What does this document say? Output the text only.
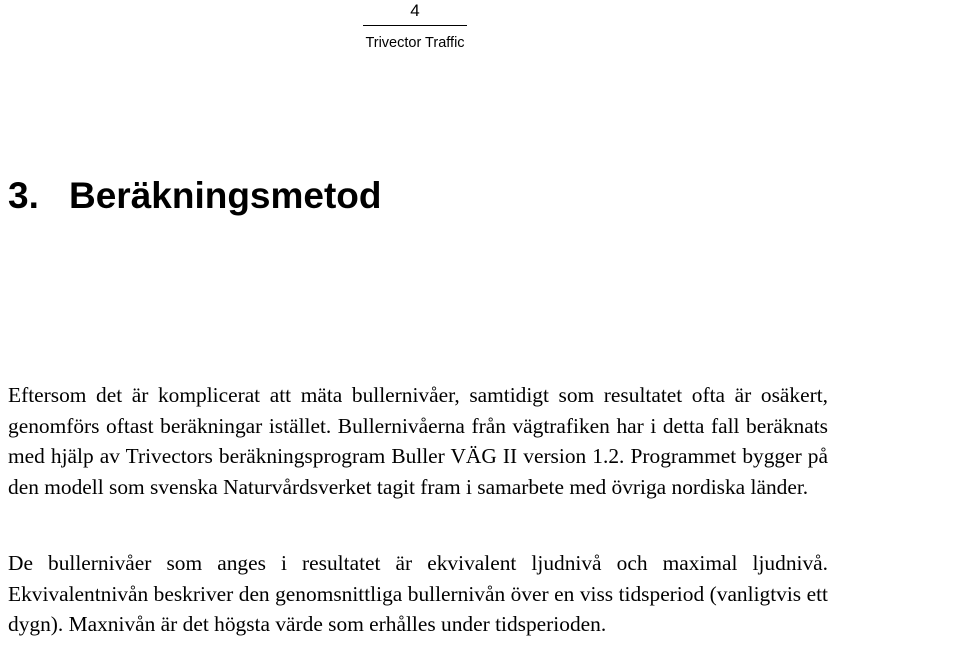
4
Trivector Traffic
3. Beräkningsmetod

Eftersom det är komplicerat att mäta bullernivåer, samtidigt som resultatet ofta är osäkert, genomförs oftast beräkningar istället. Bullernivåerna från vägtrafiken har i detta fall beräknats med hjälp av Trivectors beräkningsprogram Buller VÄG II version 1.2. Programmet bygger på den modell som svenska Naturvårdsverket tagit fram i samarbete med övriga nordiska länder.

De bullernivåer som anges i resultatet är ekvivalent ljudnivå och maximal ljudnivå. Ekvivalentnivån beskriver den genomsnittliga bullernivån över en viss tidsperiod (vanligtvis ett dygn). Maxnivån är det högsta värde som erhålles under tidsperioden.
